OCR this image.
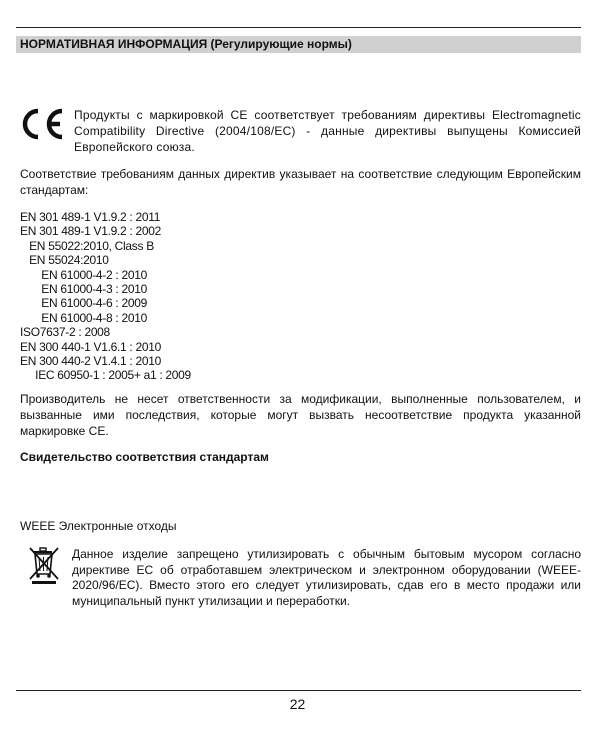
НОРМАТИВНАЯ ИНФОРМАЦИЯ (Регулирующие нормы)
Продукты с маркировкой CE соответствует требованиям директивы Electromagnetic Compatibility Directive (2004/108/EC) - данные директивы выпущены Комиссией Европейского союза.
Соответствие требованиям данных директив указывает на соответствие следующим Европейским стандартам:
EN 301 489-1 V1.9.2 : 2011
EN 301 489-1 V1.9.2 : 2002
EN 55022:2010, Class B
EN 55024:2010
EN 61000-4-2 : 2010
EN 61000-4-3 : 2010
EN 61000-4-6 : 2009
EN 61000-4-8 : 2010
ISO7637-2 : 2008
EN 300 440-1 V1.6.1 : 2010
EN 300 440-2 V1.4.1 : 2010
IEC 60950-1 : 2005+ a1 : 2009
Производитель не несет ответственности за модификации, выполненные пользователем, и вызванные ими последствия, которые могут вызвать несоответствие продукта указанной маркировке CE.
Свидетельство соответствия стандартам
WEEE Электронные отходы
Данное изделие запрещено утилизировать с обычным бытовым мусором согласно директиве ЕС об отработавшем электрическом и электронном оборудовании (WEEE-2020/96/EC). Вместо этого его следует утилизировать, сдав его в место продажи или муниципальный пункт утилизации и переработки.
22
